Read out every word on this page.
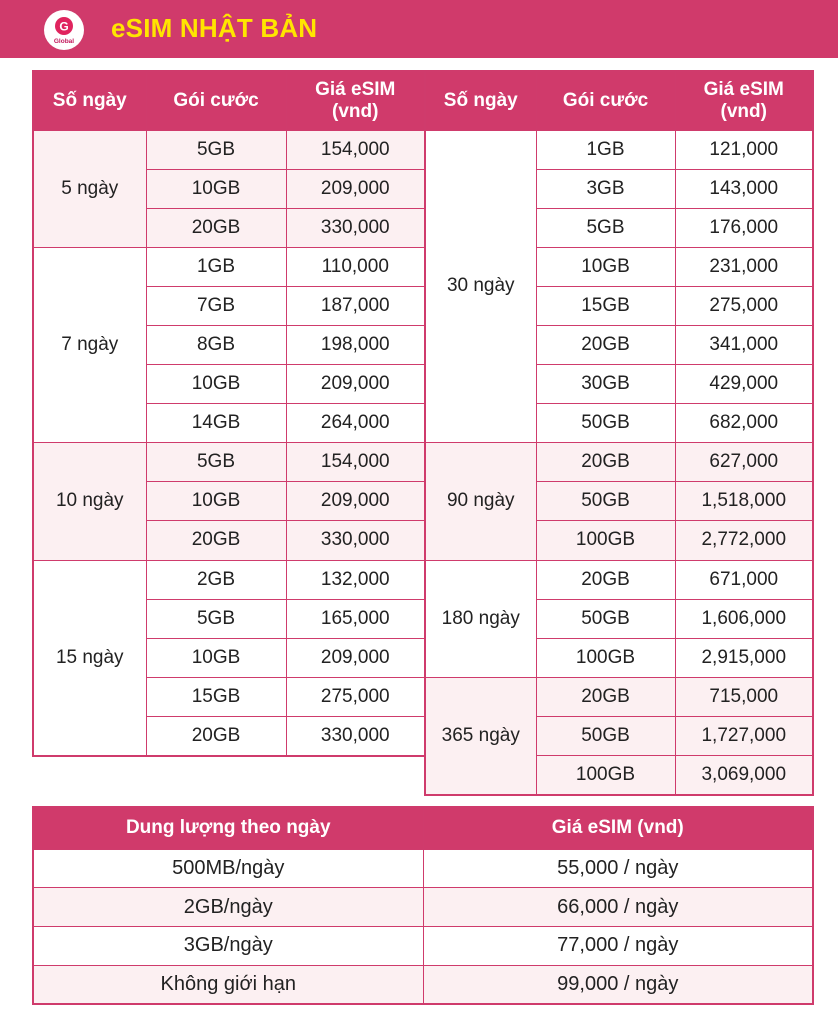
G
Global eSIM NHẬT BẢN
Số ngày	Gói cước	Giá eSIM (vnd)
5 ngày	5GB	154,000
	10GB	209,000
	20GB	330,000
7 ngày	1GB	110,000
	7GB	187,000
	8GB	198,000
	10GB	209,000
	14GB	264,000
10 ngày	5GB	154,000
	10GB	209,000
	20GB	330,000
15 ngày	2GB	132,000
	5GB	165,000
	10GB	209,000
	15GB	275,000
	20GB	330,000
Số ngày	Gói cước	Giá eSIM (vnd)
30 ngày	1GB	121,000
	3GB	143,000
	5GB	176,000
	10GB	231,000
	15GB	275,000
	20GB	341,000
	30GB	429,000
	50GB	682,000
90 ngày	20GB	627,000
	50GB	1,518,000
	100GB	2,772,000
180 ngày	20GB	671,000
	50GB	1,606,000
	100GB	2,915,000
365 ngày	20GB	715,000
	50GB	1,727,000
	100GB	3,069,000
Dung lượng theo ngày	Giá eSIM (vnd)
500MB/ngày	55,000 / ngày
2GB/ngày	66,000 / ngày
3GB/ngày	77,000 / ngày
Không giới hạn	99,000 / ngày
